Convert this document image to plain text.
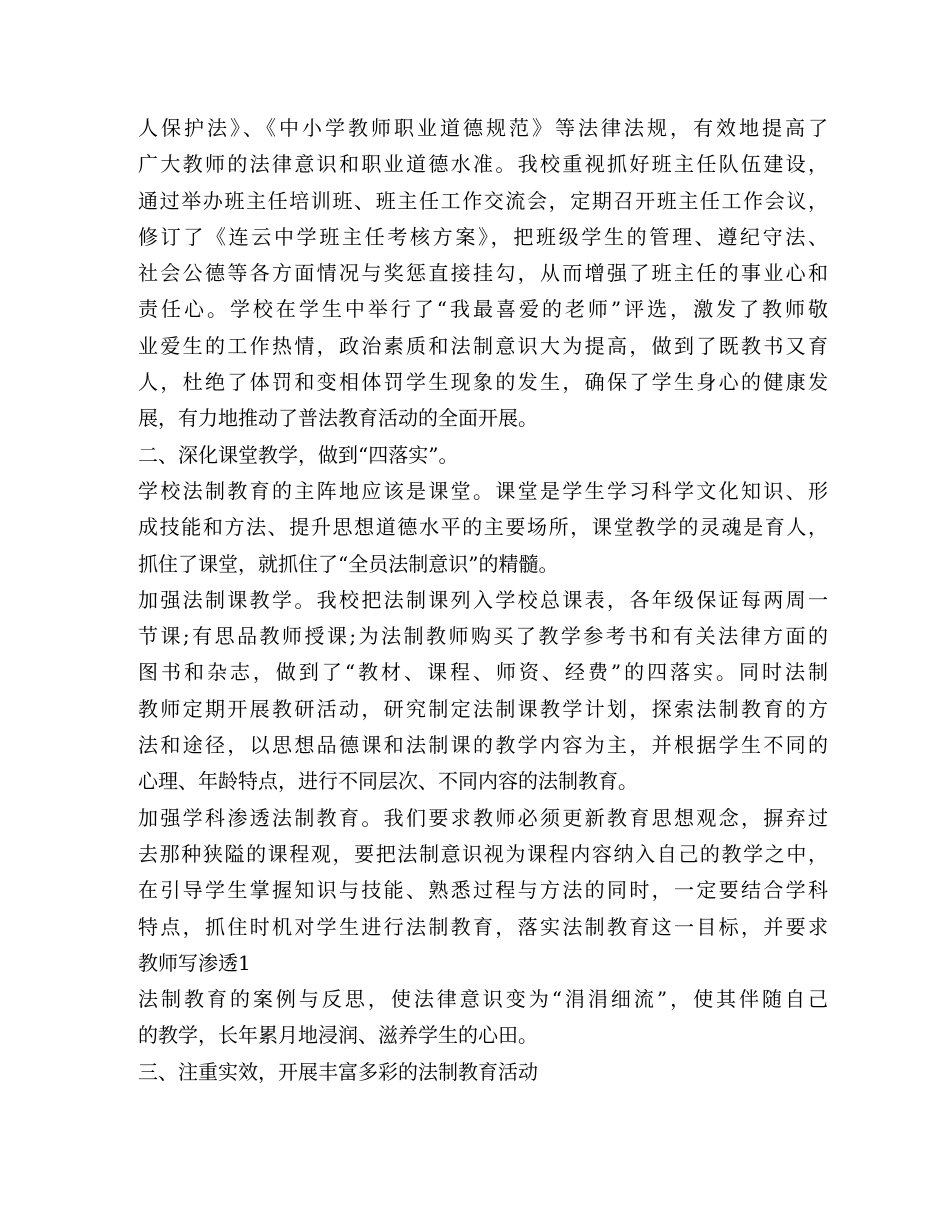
人保护法》、《中小学教师职业道德规范》等法律法规，有效地提高了
广大教师的法律意识和职业道德水准。我校重视抓好班主任队伍建设，
通过举办班主任培训班、班主任工作交流会，定期召开班主任工作会议，
修订了《连云中学班主任考核方案》，把班级学生的管理、遵纪守法、
社会公德等各方面情况与奖惩直接挂勾，从而增强了班主任的事业心和
责任心。学校在学生中举行了“我最喜爱的老师”评选，激发了教师敬
业爱生的工作热情，政治素质和法制意识大为提高，做到了既教书又育
人，杜绝了体罚和变相体罚学生现象的发生，确保了学生身心的健康发
展，有力地推动了普法教育活动的全面开展。
二、深化课堂教学，做到“四落实”。
学校法制教育的主阵地应该是课堂。课堂是学生学习科学文化知识、形
成技能和方法、提升思想道德水平的主要场所，课堂教学的灵魂是育人，
抓住了课堂，就抓住了“全员法制意识”的精髓。
加强法制课教学。我校把法制课列入学校总课表，各年级保证每两周一
节课;有思品教师授课;为法制教师购买了教学参考书和有关法律方面的
图书和杂志，做到了“教材、课程、师资、经费”的四落实。同时法制
教师定期开展教研活动，研究制定法制课教学计划，探索法制教育的方
法和途径，以思想品德课和法制课的教学内容为主，并根据学生不同的
心理、年龄特点，进行不同层次、不同内容的法制教育。
加强学科渗透法制教育。我们要求教师必须更新教育思想观念，摒弃过
去那种狭隘的课程观，要把法制意识视为课程内容纳入自己的教学之中，
在引导学生掌握知识与技能、熟悉过程与方法的同时，一定要结合学科
特点，抓住时机对学生进行法制教育，落实法制教育这一目标，并要求
教师写渗透1
法制教育的案例与反思，使法律意识变为“涓涓细流”，使其伴随自己
的教学，长年累月地浸润、滋养学生的心田。
三、注重实效，开展丰富多彩的法制教育活动
